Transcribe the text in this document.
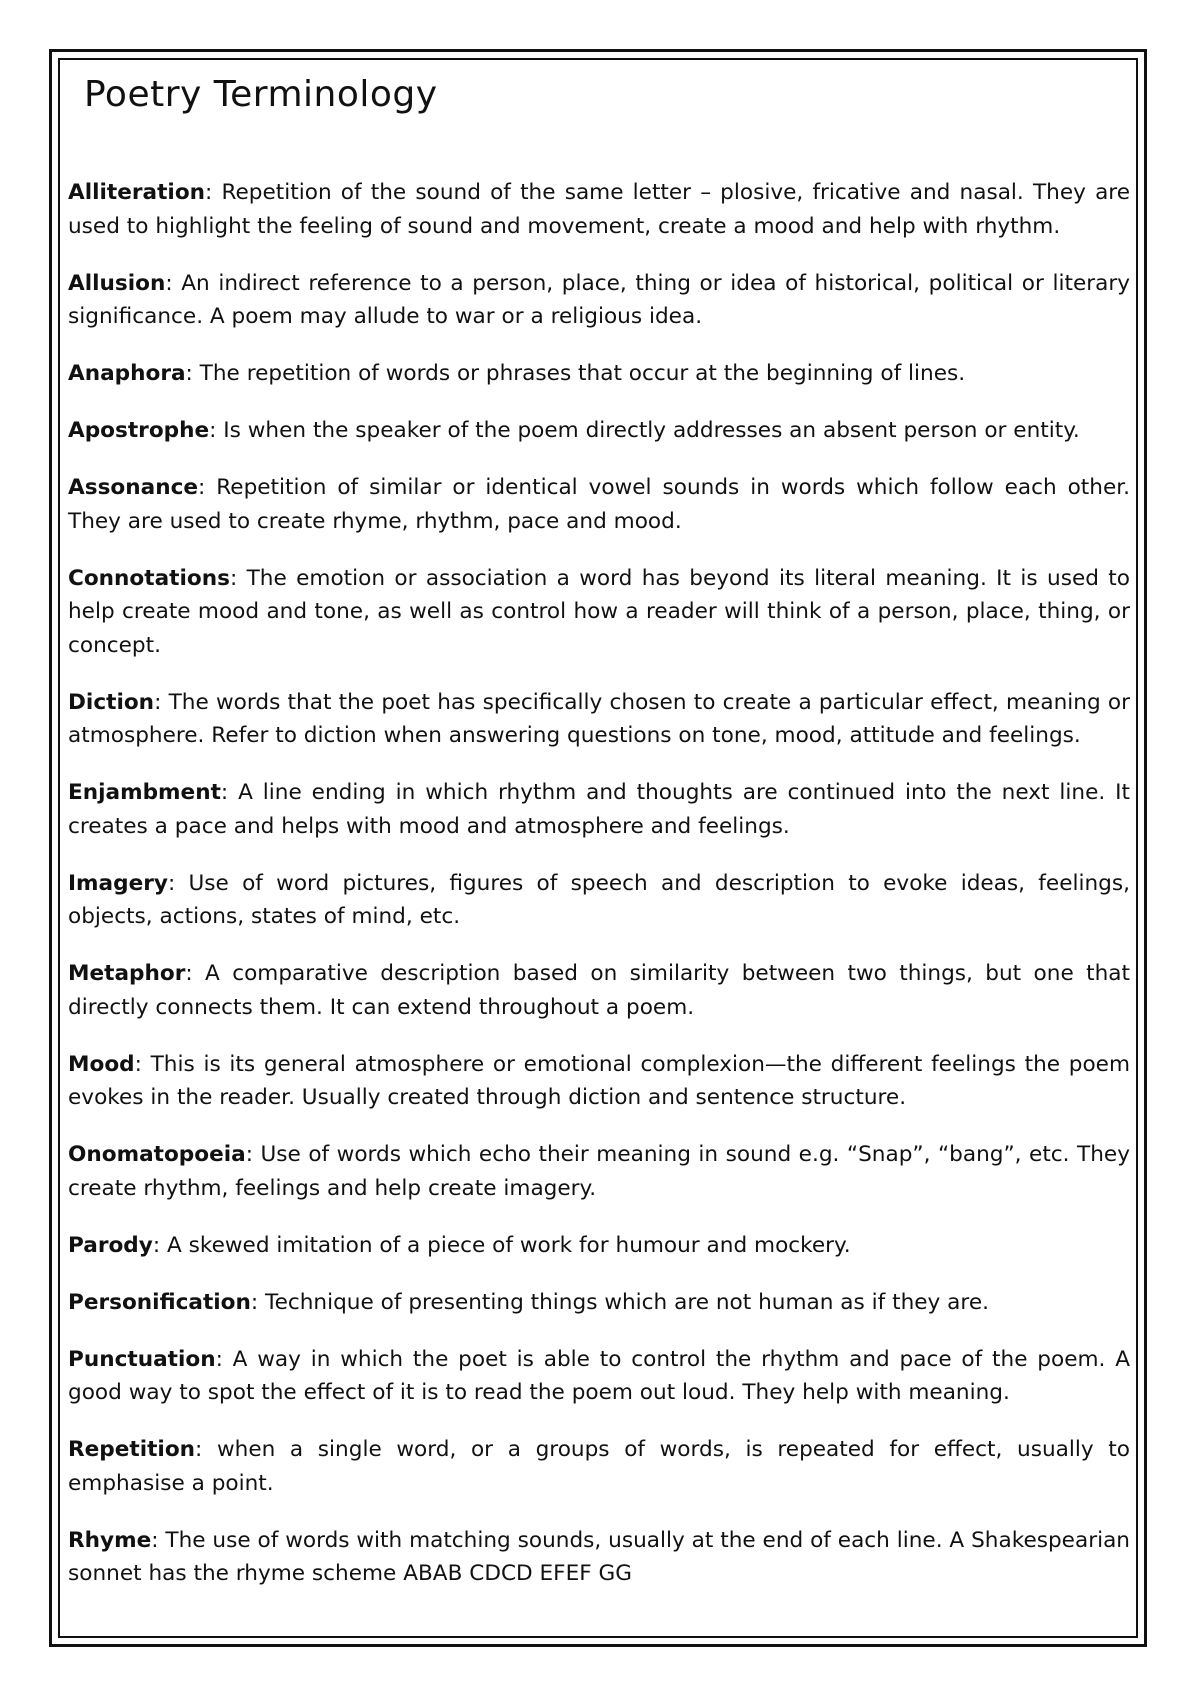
Poetry Terminology

Alliteration: Repetition of the sound of the same letter – plosive, fricative and nasal. They are used to highlight the feeling of sound and movement, create a mood and help with rhythm.

Allusion: An indirect reference to a person, place, thing or idea of historical, political or literary significance. A poem may allude to war or a religious idea.

Anaphora: The repetition of words or phrases that occur at the beginning of lines.

Apostrophe: Is when the speaker of the poem directly addresses an absent person or entity.

Assonance: Repetition of similar or identical vowel sounds in words which follow each other. They are used to create rhyme, rhythm, pace and mood.

Connotations: The emotion or association a word has beyond its literal meaning. It is used to help create mood and tone, as well as control how a reader will think of a person, place, thing, or concept.

Diction: The words that the poet has specifically chosen to create a particular effect, meaning or atmosphere. Refer to diction when answering questions on tone, mood, attitude and feelings.

Enjambment: A line ending in which rhythm and thoughts are continued into the next line. It creates a pace and helps with mood and atmosphere and feelings.

Imagery: Use of word pictures, figures of speech and description to evoke ideas, feelings, objects, actions, states of mind, etc.

Metaphor: A comparative description based on similarity between two things, but one that directly connects them. It can extend throughout a poem.

Mood: This is its general atmosphere or emotional complexion—the different feelings the poem evokes in the reader. Usually created through diction and sentence structure.

Onomatopoeia: Use of words which echo their meaning in sound e.g. “Snap”, “bang”, etc. They create rhythm, feelings and help create imagery.

Parody: A skewed imitation of a piece of work for humour and mockery.

Personification: Technique of presenting things which are not human as if they are.

Punctuation: A way in which the poet is able to control the rhythm and pace of the poem. A good way to spot the effect of it is to read the poem out loud. They help with meaning.

Repetition: when a single word, or a groups of words, is repeated for effect, usually to emphasise a point.

Rhyme: The use of words with matching sounds, usually at the end of each line. A Shakespearian sonnet has the rhyme scheme ABAB CDCD EFEF GG
